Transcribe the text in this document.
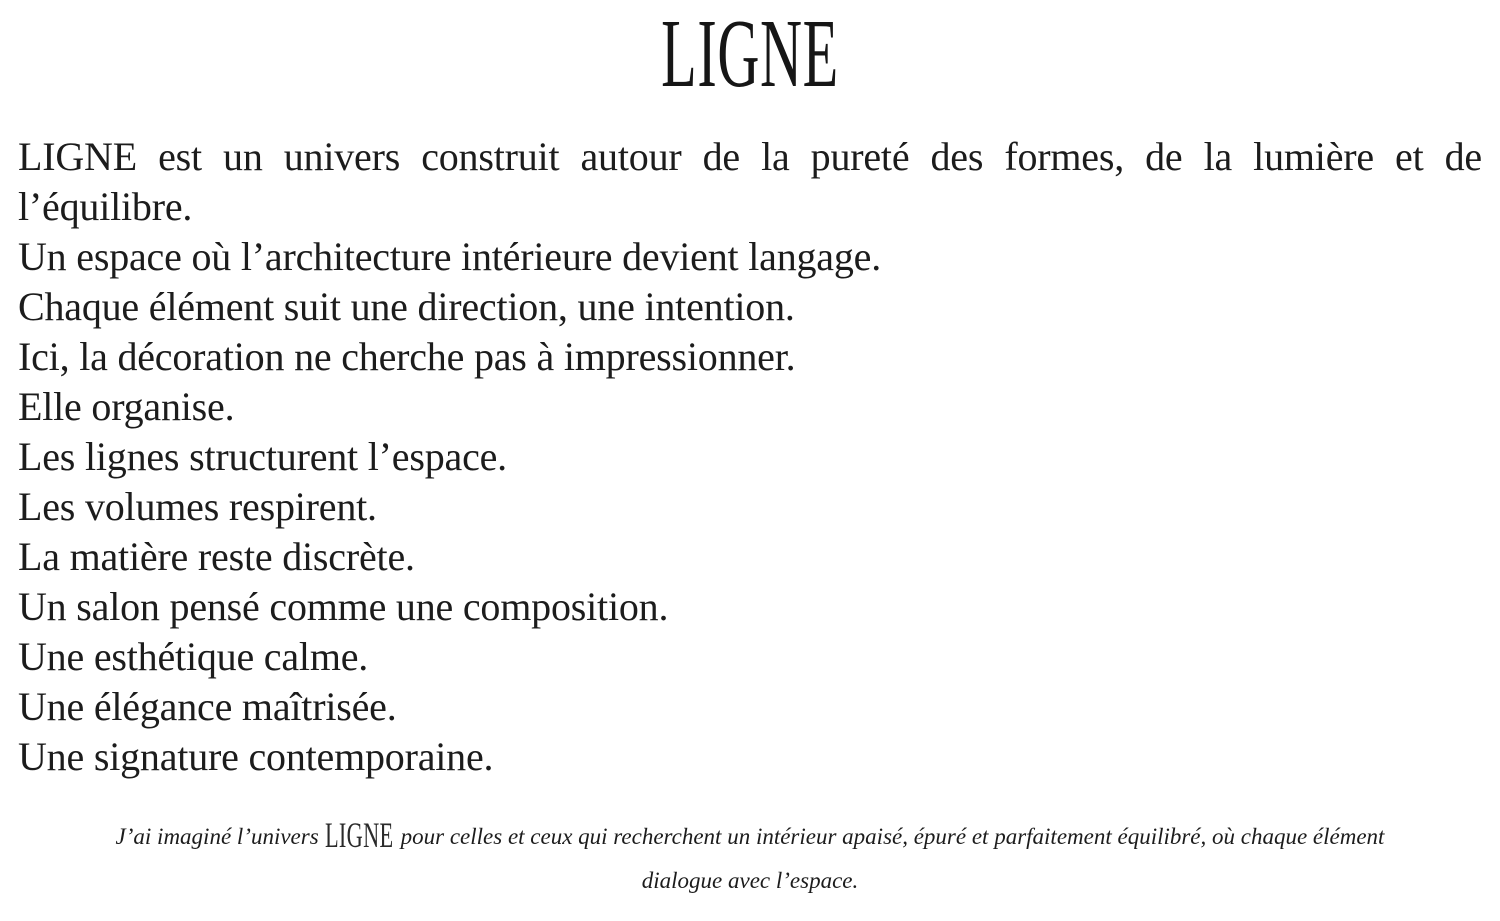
LIGNE
LIGNE est un univers construit autour de la pureté des formes, de la lumière et de
l’équilibre.
Un espace où l’architecture intérieure devient langage.
Chaque élément suit une direction, une intention.
Ici, la décoration ne cherche pas à impressionner.
Elle organise.
Les lignes structurent l’espace.
Les volumes respirent.
La matière reste discrète.
Un salon pensé comme une composition.
Une esthétique calme.
Une élégance maîtrisée.
Une signature contemporaine.
J’ai imaginé l’univers LIGNE pour celles et ceux qui recherchent un intérieur apaisé, épuré et parfaitement équilibré, où chaque élément
dialogue avec l’espace.
